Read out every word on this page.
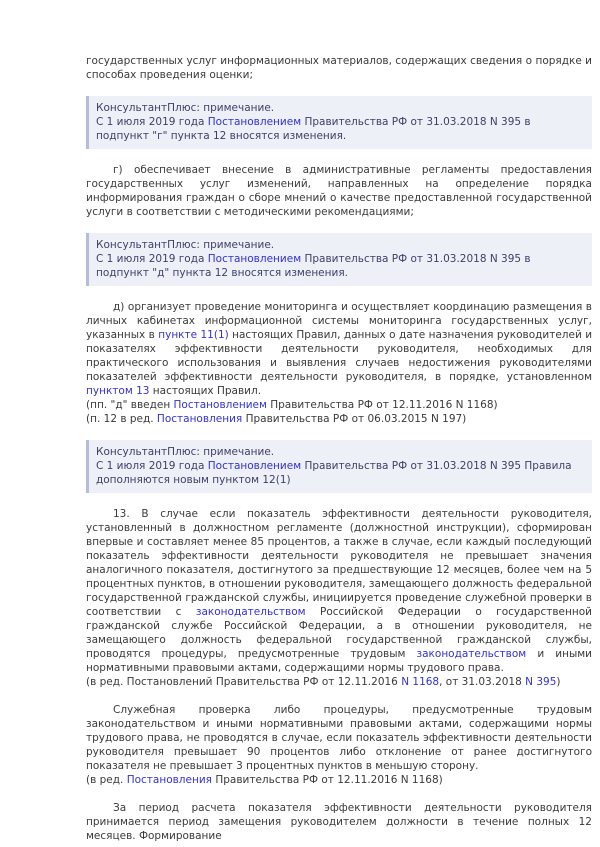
государственных услуг информационных материалов, содержащих сведения о порядке и способах проведения оценки;

КонсультантПлюс: примечание.

С 1 июля 2019 года Постановлением Правительства РФ от 31.03.2018 N 395 в подпункт "г" пункта 12 вносятся изменения.

г) обеспечивает внесение в административные регламенты предоставления государственных услуг изменений, направленных на определение порядка информирования граждан о сборе мнений о качестве предоставленной государственной услуги в соответствии с методическими рекомендациями;

КонсультантПлюс: примечание.

С 1 июля 2019 года Постановлением Правительства РФ от 31.03.2018 N 395 в подпункт "д" пункта 12 вносятся изменения.

д) организует проведение мониторинга и осуществляет координацию размещения в личных кабинетах информационной системы мониторинга государственных услуг, указанных в пункте 11(1) настоящих Правил, данных о дате назначения руководителей и показателях эффективности деятельности руководителя, необходимых для практического использования и выявления случаев недостижения руководителями показателей эффективности деятельности руководителя, в порядке, установленном пунктом 13 настоящих Правил.

(пп. "д" введен Постановлением Правительства РФ от 12.11.2016 N 1168)

(п. 12 в ред. Постановления Правительства РФ от 06.03.2015 N 197)

КонсультантПлюс: примечание.

С 1 июля 2019 года Постановлением Правительства РФ от 31.03.2018 N 395 Правила дополняются новым пунктом 12(1)

13. В случае если показатель эффективности деятельности руководителя, установленный в должностном регламенте (должностной инструкции), сформирован впервые и составляет менее 85 процентов, а также в случае, если каждый последующий показатель эффективности деятельности руководителя не превышает значения аналогичного показателя, достигнутого за предшествующие 12 месяцев, более чем на 5 процентных пунктов, в отношении руководителя, замещающего должность федеральной государственной гражданской службы, инициируется проведение служебной проверки в соответствии с законодательством Российской Федерации о государственной гражданской службе Российской Федерации, а в отношении руководителя, не замещающего должность федеральной государственной гражданской службы, проводятся процедуры, предусмотренные трудовым законодательством и иными нормативными правовыми актами, содержащими нормы трудового права.

(в ред. Постановлений Правительства РФ от 12.11.2016 N 1168, от 31.03.2018 N 395)

Служебная проверка либо процедуры, предусмотренные трудовым законодательством и иными нормативными правовыми актами, содержащими нормы трудового права, не проводятся в случае, если показатель эффективности деятельности руководителя превышает 90 процентов либо отклонение от ранее достигнутого показателя не превышает 3 процентных пунктов в меньшую сторону.

(в ред. Постановления Правительства РФ от 12.11.2016 N 1168)

За период расчета показателя эффективности деятельности руководителя принимается период замещения руководителем должности в течение полных 12 месяцев. Формирование
